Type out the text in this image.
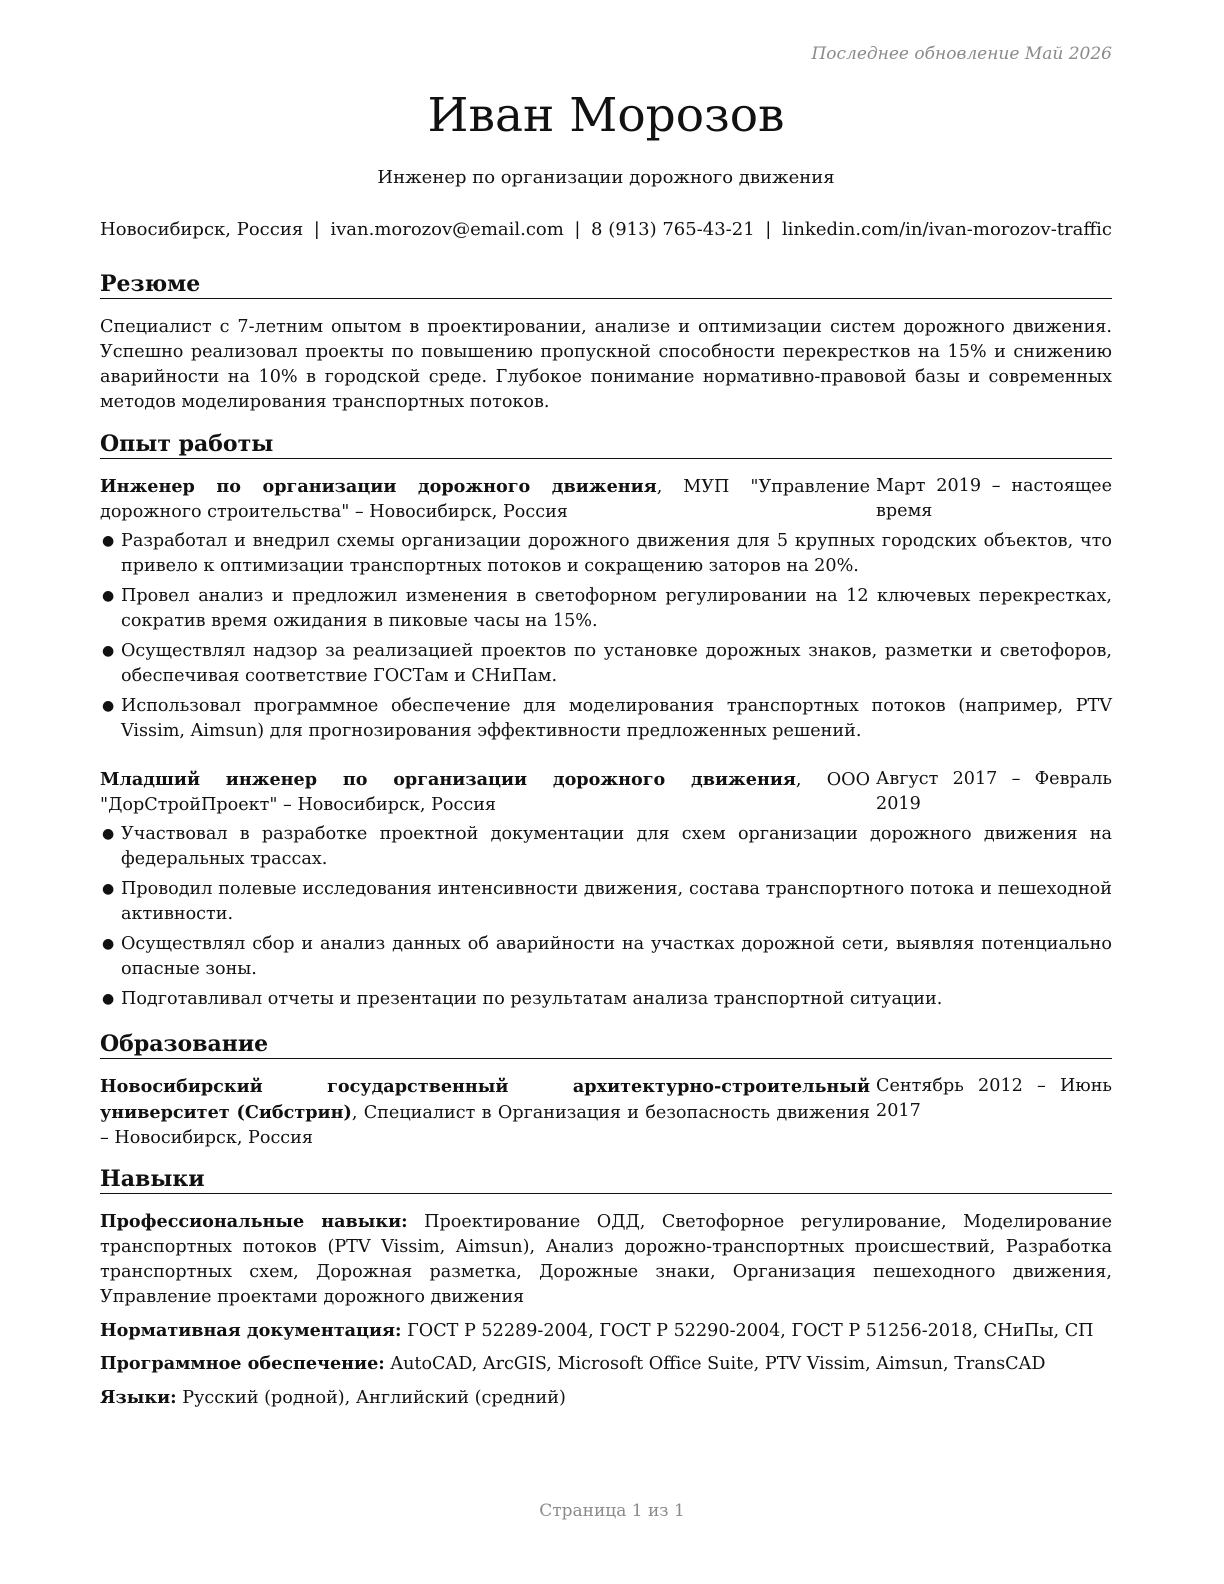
Последнее обновление Май 2026
Иван Морозов
Инженер по организации дорожного движения
Новосибирск, Россия | ivan.morozov@email.com | 8 (913) 765-43-21 | linkedin.com/in/ivan-morozov-traffic
Резюме
Специалист с 7-летним опытом в проектировании, анализе и оптимизации систем дорожного движения. Успешно реализовал проекты по повышению пропускной способности перекрестков на 15% и снижению аварийности на 10% в городской среде. Глубокое понимание нормативно-правовой базы и современных методов моделирования транспортных потоков.
Опыт работы
Инженер по организации дорожного движения, МУП "Управление дорожного строительства" – Новосибирск, Россия
Март 2019 – настоящее время
● Разработал и внедрил схемы организации дорожного движения для 5 крупных городских объектов, что привело к оптимизации транспортных потоков и сокращению заторов на 20%.
● Провел анализ и предложил изменения в светофорном регулировании на 12 ключевых перекрестках, сократив время ожидания в пиковые часы на 15%.
● Осуществлял надзор за реализацией проектов по установке дорожных знаков, разметки и светофоров, обеспечивая соответствие ГОСТам и СНиПам.
● Использовал программное обеспечение для моделирования транспортных потоков (например, PTV Vissim, Aimsun) для прогнозирования эффективности предложенных решений.
Младший инженер по организации дорожного движения, ООО "ДорСтройПроект" – Новосибирск, Россия
Август 2017 – Февраль 2019
● Участвовал в разработке проектной документации для схем организации дорожного движения на федеральных трассах.
● Проводил полевые исследования интенсивности движения, состава транспортного потока и пешеходной активности.
● Осуществлял сбор и анализ данных об аварийности на участках дорожной сети, выявляя потенциально опасные зоны.
● Подготавливал отчеты и презентации по результатам анализа транспортной ситуации.
Образование
Новосибирский государственный архитектурно-строительный университет (Сибстрин), Специалист в Организация и безопасность движения – Новосибирск, Россия
Сентябрь 2012 – Июнь 2017
Навыки
Профессиональные навыки: Проектирование ОДД, Светофорное регулирование, Моделирование транспортных потоков (PTV Vissim, Aimsun), Анализ дорожно-транспортных происшествий, Разработка транспортных схем, Дорожная разметка, Дорожные знаки, Организация пешеходного движения, Управление проектами дорожного движения
Нормативная документация: ГОСТ Р 52289-2004, ГОСТ Р 52290-2004, ГОСТ Р 51256-2018, СНиПы, СП
Программное обеспечение: AutoCAD, ArcGIS, Microsoft Office Suite, PTV Vissim, Aimsun, TransCAD
Языки: Русский (родной), Английский (средний)
Страница 1 из 1
